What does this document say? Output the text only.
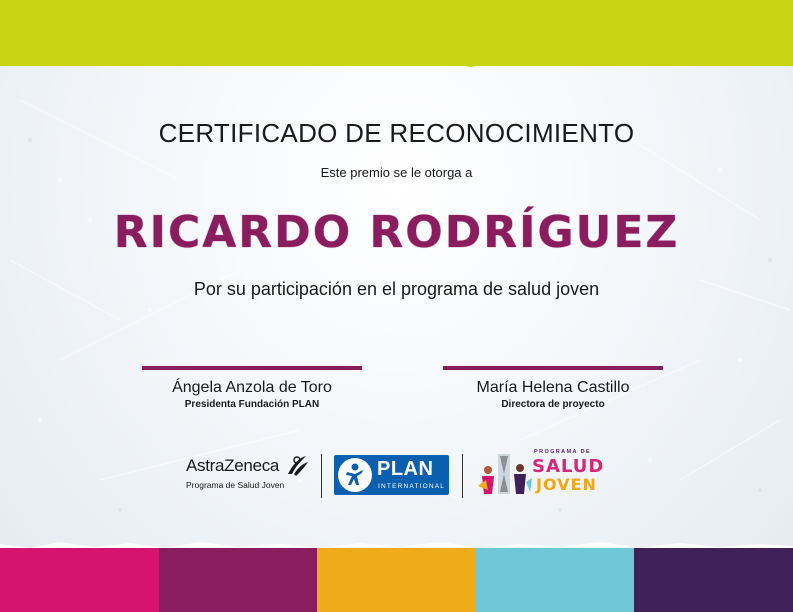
CERTIFICADO DE RECONOCIMIENTO
Este premio se le otorga a
RICARDO RODRÍGUEZ
Por su participación en el programa de salud joven
Ángela Anzola de Toro
Presidenta Fundación PLAN
María Helena Castillo
Directora de proyecto
AstraZeneca
Programa de Salud Joven
PLAN
INTERNATIONAL
PROGRAMA DE
SALUD
JOVEN
